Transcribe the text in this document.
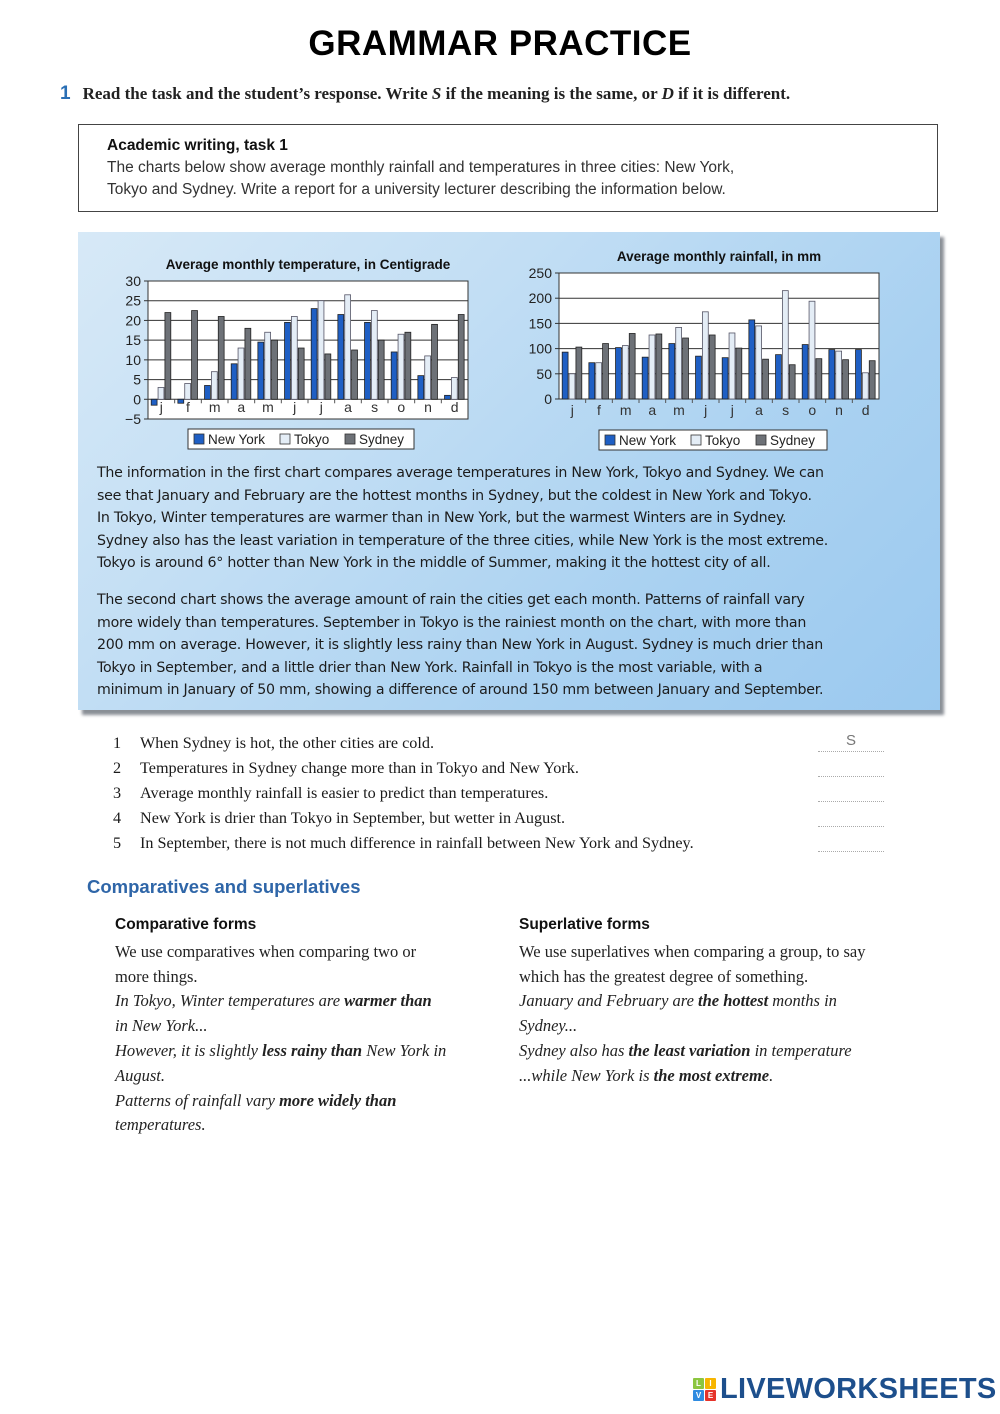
GRAMMAR PRACTICE
1 Read the task and the student’s response. Write S if the meaning is the same, or D if it is different.
Academic writing, task 1
The charts below show average monthly rainfall and temperatures in three cities: New York,
Tokyo and Sydney. Write a report for a university lecturer describing the information below.
Average monthly temperature, in Centigrade
30
25
20
15
10
5
0
−5
j f m a m j j a s o n d
New York Tokyo Sydney
Average monthly rainfall, in mm
250
200
150
100
50
0
j f m a m j j a s o n d
New York Tokyo Sydney
The information in the first chart compares average temperatures in New York, Tokyo and Sydney. We can
see that January and February are the hottest months in Sydney, but the coldest in New York and Tokyo.
In Tokyo, Winter temperatures are warmer than in New York, but the warmest Winters are in Sydney.
Sydney also has the least variation in temperature of the three cities, while New York is the most extreme.
Tokyo is around 6° hotter than New York in the middle of Summer, making it the hottest city of all.
The second chart shows the average amount of rain the cities get each month. Patterns of rainfall vary
more widely than temperatures. September in Tokyo is the rainiest month on the chart, with more than
200 mm on average. However, it is slightly less rainy than New York in August. Sydney is much drier than
Tokyo in September, and a little drier than New York. Rainfall in Tokyo is the most variable, with a
minimum in January of 50 mm, showing a difference of around 150 mm between January and September.
1 When Sydney is hot, the other cities are cold.
S
2 Temperatures in Sydney change more than in Tokyo and New York.
3 Average monthly rainfall is easier to predict than temperatures.
4 New York is drier than Tokyo in September, but wetter in August.
5 In September, there is not much difference in rainfall between New York and Sydney.
Comparatives and superlatives
Comparative forms
We use comparatives when comparing two or
more things.
In Tokyo, Winter temperatures are warmer than
in New York...
However, it is slightly less rainy than New York in
August.
Patterns of rainfall vary more widely than
temperatures.
Superlative forms
We use superlatives when comparing a group, to say
which has the greatest degree of something.
January and February are the hottest months in
Sydney...
Sydney also has the least variation in temperature
...while New York is the most extreme.
L	I
V E LIVEWORKSHEETS
